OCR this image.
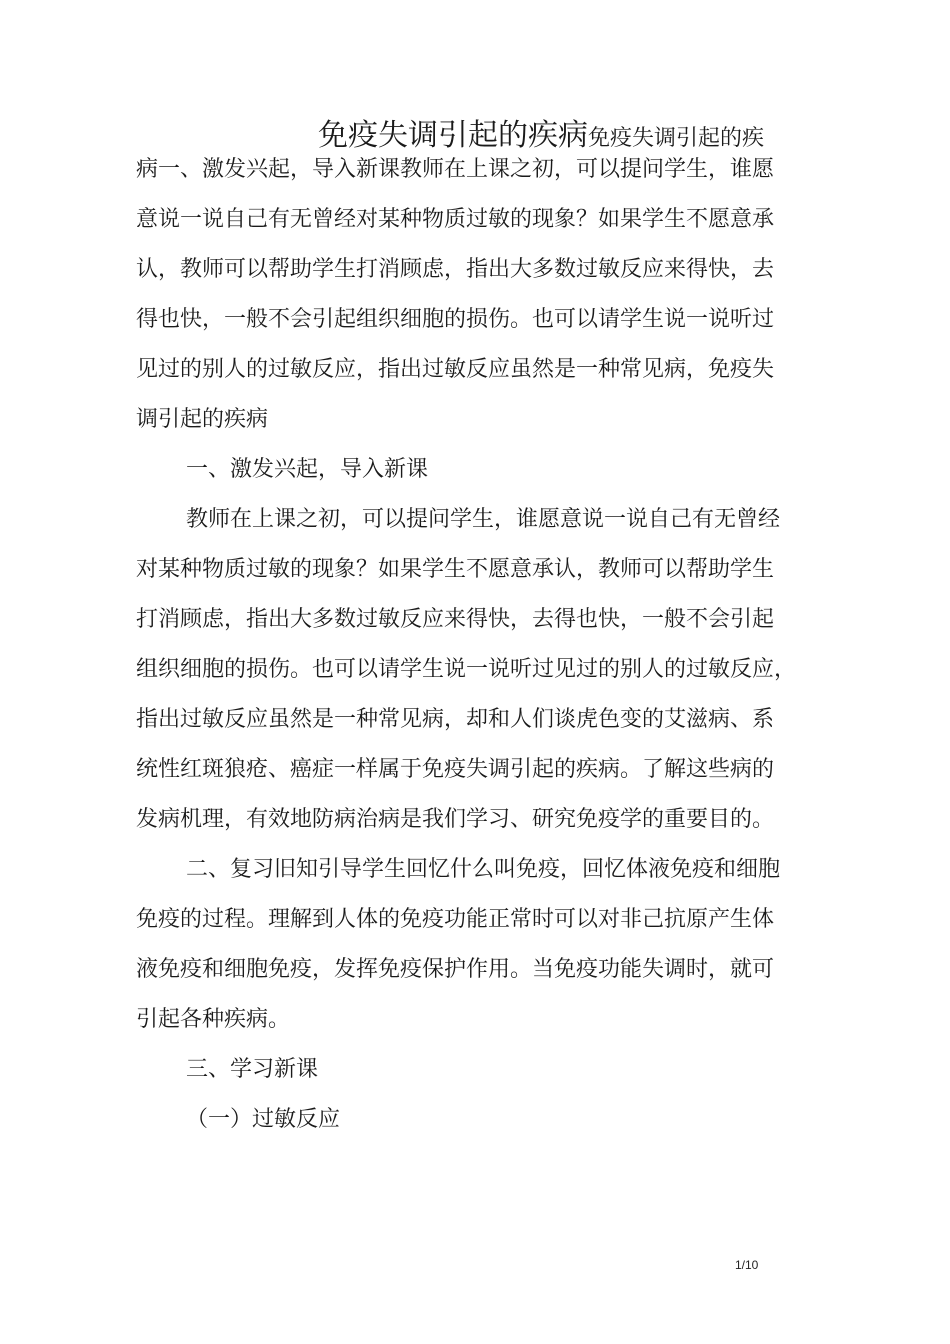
免疫失调引起的疾病免疫失调引起的疾
病一、激发兴起，导入新课教师在上课之初，可以提问学生，谁愿
意说一说自己有无曾经对某种物质过敏的现象？如果学生不愿意承
认，教师可以帮助学生打消顾虑，指出大多数过敏反应来得快，去
得也快，一般不会引起组织细胞的损伤。也可以请学生说一说听过
见过的别人的过敏反应，指出过敏反应虽然是一种常见病，免疫失
调引起的疾病
一、激发兴起，导入新课
教师在上课之初，可以提问学生，谁愿意说一说自己有无曾经
对某种物质过敏的现象？如果学生不愿意承认，教师可以帮助学生
打消顾虑，指出大多数过敏反应来得快，去得也快，一般不会引起
组织细胞的损伤。也可以请学生说一说听过见过的别人的过敏反应，
指出过敏反应虽然是一种常见病，却和人们谈虎色变的艾滋病、系
统性红斑狼疮、癌症一样属于免疫失调引起的疾病。了解这些病的
发病机理，有效地防病治病是我们学习、研究免疫学的重要目的。
二、复习旧知引导学生回忆什么叫免疫，回忆体液免疫和细胞
免疫的过程。理解到人体的免疫功能正常时可以对非己抗原产生体
液免疫和细胞免疫，发挥免疫保护作用。当免疫功能失调时，就可
引起各种疾病。
三、学习新课
（一）过敏反应
1/10
